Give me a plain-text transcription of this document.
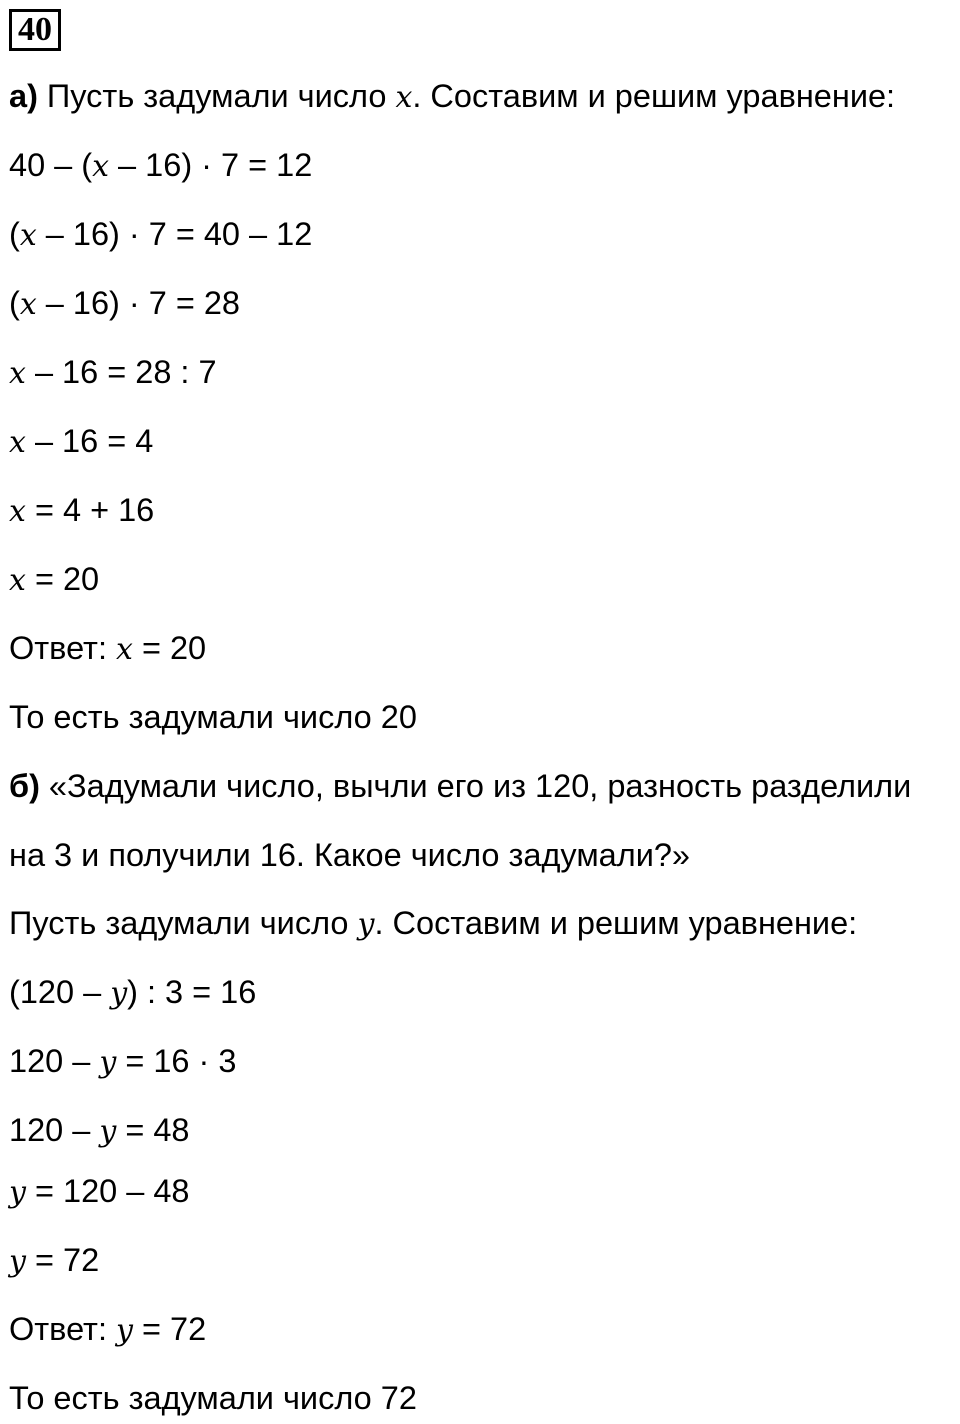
40
а) Пусть задумали число x. Составим и решим уравнение:
40 – (x – 16) · 7 = 12
(x – 16) · 7 = 40 – 12
(x – 16) · 7 = 28
x – 16 = 28 : 7
x – 16 = 4
x = 4 + 16
x = 20
Ответ: x = 20
То есть задумали число 20
б) «Задумали число, вычли его из 120, разность разделили
на 3 и получили 16. Какое число задумали?»
Пусть задумали число y. Составим и решим уравнение:
(120 – y) : 3 = 16
120 – y = 16 · 3
120 – y = 48
y = 120 – 48
y = 72
Ответ: y = 72
То есть задумали число 72
